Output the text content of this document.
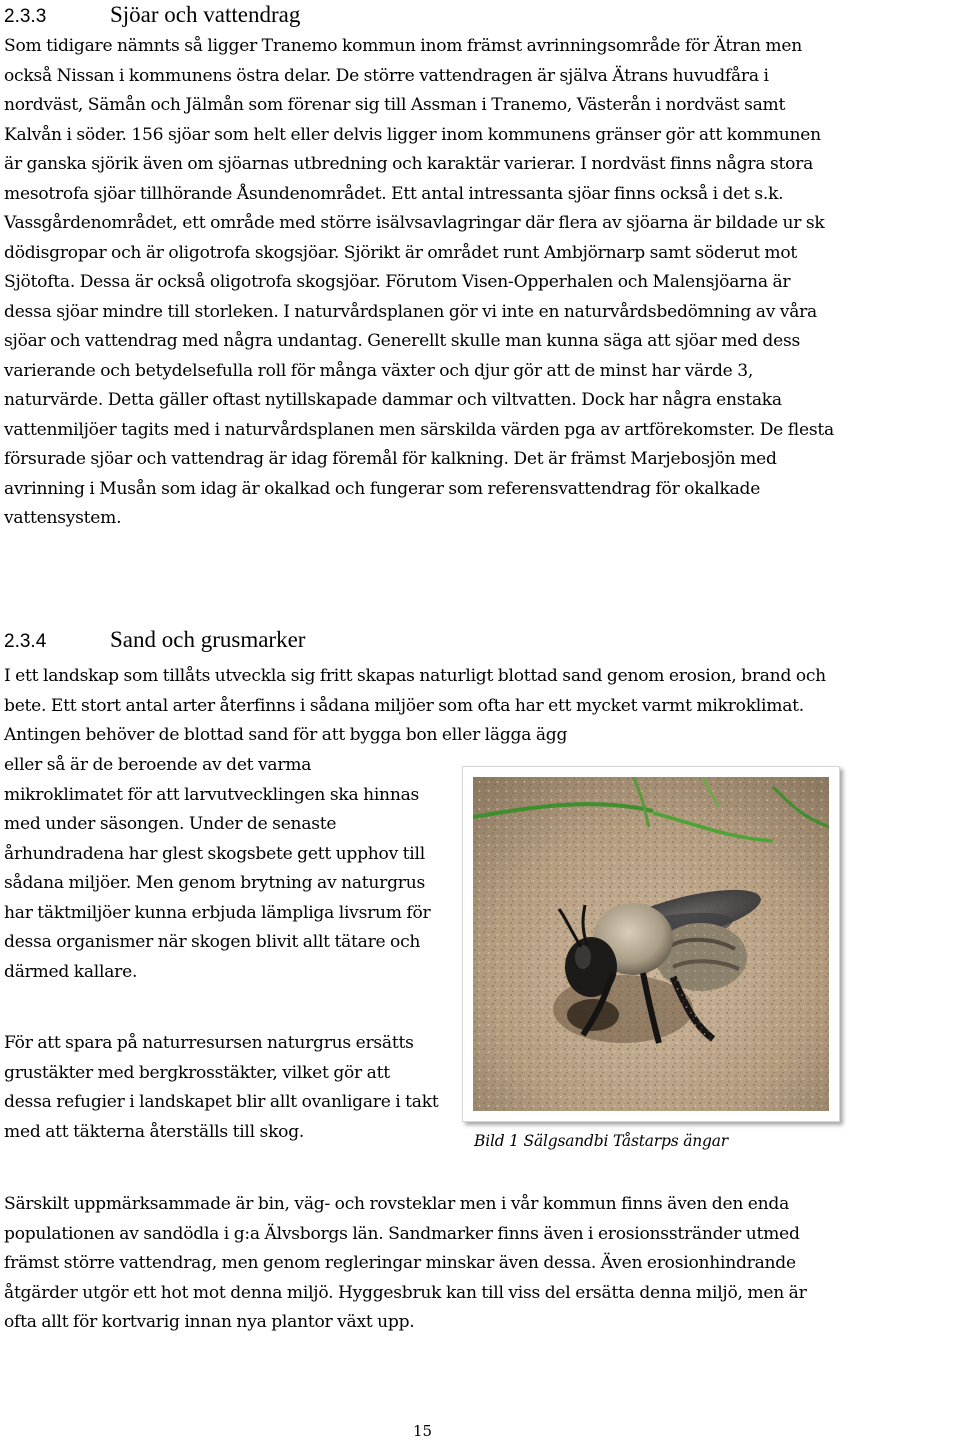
2.3.3	Sjöar och vattendrag

Som tidigare nämnts så ligger Tranemo kommun inom främst avrinningsområde för Ätran men också Nissan i kommunens östra delar. De större vattendragen är själva Ätrans huvudfåra i nordväst, Sämån och Jälmån som förenar sig till Assman i Tranemo, Västerån i nordväst samt Kalvån i söder. 156 sjöar som helt eller delvis ligger inom kommunens gränser gör att kommunen är ganska sjörik även om sjöarnas utbredning och karaktär varierar. I nordväst finns några stora mesotrofa sjöar tillhörande Åsundenområdet. Ett antal intressanta sjöar finns också i det s.k. Vassgårdenområdet, ett område med större isälvsavlagringar där flera av sjöarna är bildade ur sk dödisgropar och är oligotrofa skogsjöar. Sjörikt är området runt Ambjörnarp samt söderut mot Sjötofta. Dessa är också oligotrofa skogsjöar. Förutom Visen-Opperhalen och Malensjöarna är dessa sjöar mindre till storleken. I naturvårdsplanen gör vi inte en naturvårdsbedömning av våra sjöar och vattendrag med några undantag. Generellt skulle man kunna säga att sjöar med dess varierande och betydelsefulla roll för många växter och djur gör att de minst har värde 3, naturvärde. Detta gäller oftast nytillskapade dammar och viltvatten. Dock har några enstaka vattenmiljöer tagits med i naturvårdsplanen men särskilda värden pga av artförekomster. De flesta försurade sjöar och vattendrag är idag föremål för kalkning. Det är främst Marjebosjön med avrinning i Musån som idag är okalkad och fungerar som referensvattendrag för okalkade vattensystem.

2.3.4	Sand och grusmarker

I ett landskap som tillåts utveckla sig fritt skapas naturligt blottad sand genom erosion, brand och bete. Ett stort antal arter återfinns i sådana miljöer som ofta har ett mycket varmt mikroklimat. Antingen behöver de blottad sand för att bygga bon eller lägga ägg

eller så är de beroende av det varma mikroklimatet för att larvutvecklingen ska hinnas med under säsongen. Under de senaste århundradena har glest skogsbete gett upphov till sådana miljöer. Men genom brytning av naturgrus har täktmiljöer kunna erbjuda lämpliga livsrum för dessa organismer när skogen blivit allt tätare och därmed kallare.

För att spara på naturresursen naturgrus ersätts grustäkter med bergkrosstäkter, vilket gör att dessa refugier i landskapet blir allt ovanligare i takt med att täkterna återställs till skog.

Särskilt uppmärksammade är bin, väg- och rovsteklar men i vår kommun finns även den enda populationen av sandödla i g:a Älvsborgs län. Sandmarker finns även i erosionsstränder utmed främst större vattendrag, men genom regleringar minskar även dessa. Även erosionhindrande åtgärder utgör ett hot mot denna miljö. Hyggesbruk kan till viss del ersätta denna miljö, men är ofta allt för kortvarig innan nya plantor växt upp.

Bild 1 Sälgsandbi Tåstarps ängar
15
